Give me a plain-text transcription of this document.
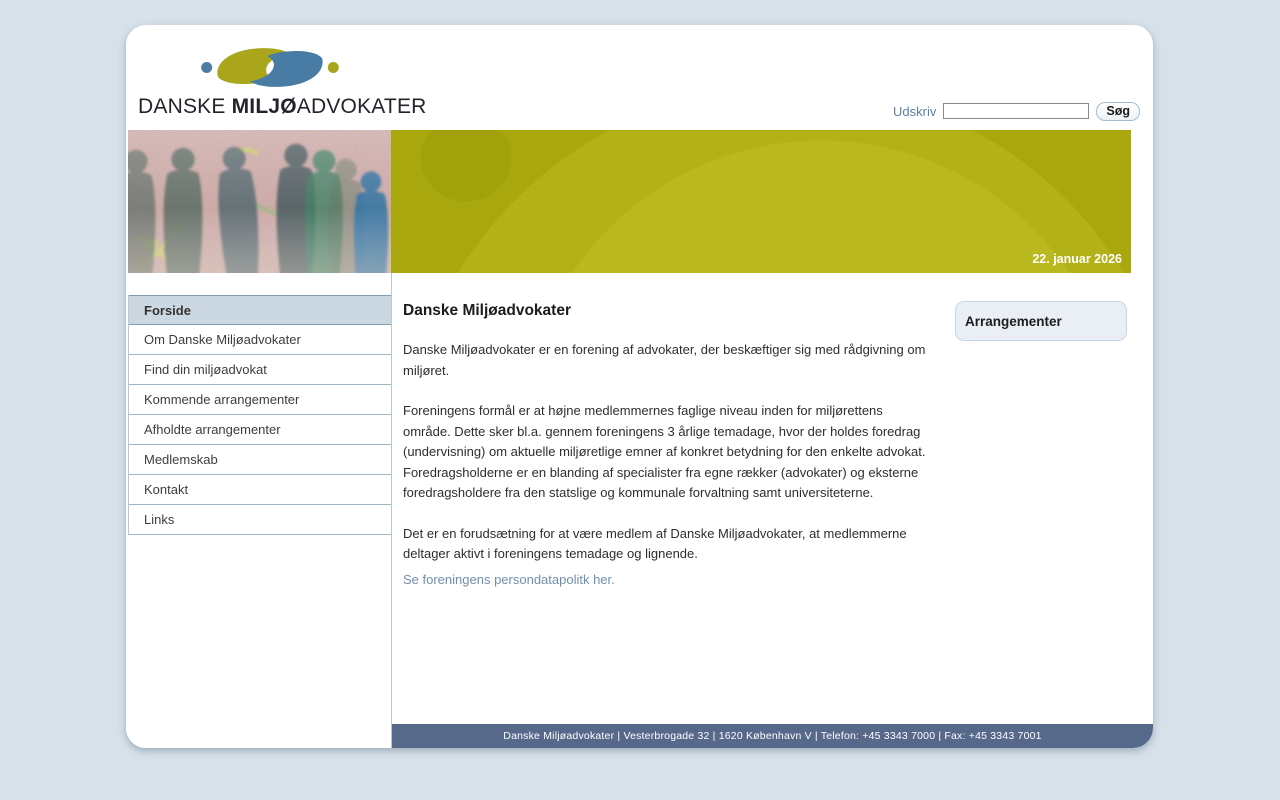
DANSKE MILJØADVOKATER	Udskriv	Søg
22. januar 2026
Forside
Om Danske Miljøadvokater
Find din miljøadvokat
Kommende arrangementer
Afholdte arrangementer
Medlemskab
Kontakt
Links
Danske Miljøadvokater

Danske Miljøadvokater er en forening af advokater, der beskæftiger sig med rådgivning om miljøret.

Foreningens formål er at højne medlemmernes faglige niveau inden for miljørettens område. Dette sker bl.a. gennem foreningens 3 årlige temadage, hvor der holdes foredrag (undervisning) om aktuelle miljøretlige emner af konkret betydning for den enkelte advokat. Foredragsholderne er en blanding af specialister fra egne rækker (advokater) og eksterne foredragsholdere fra den statslige og kommunale forvaltning samt universiteterne.

Det er en forudsætning for at være medlem af Danske Miljøadvokater, at medlemmerne deltager aktivt i foreningens temadage og lignende.

Se foreningens persondatapolitk her.
Arrangementer
Danske Miljøadvokater | Vesterbrogade 32 | 1620 København V | Telefon: +45 3343 7000 | Fax: +45 3343 7001
